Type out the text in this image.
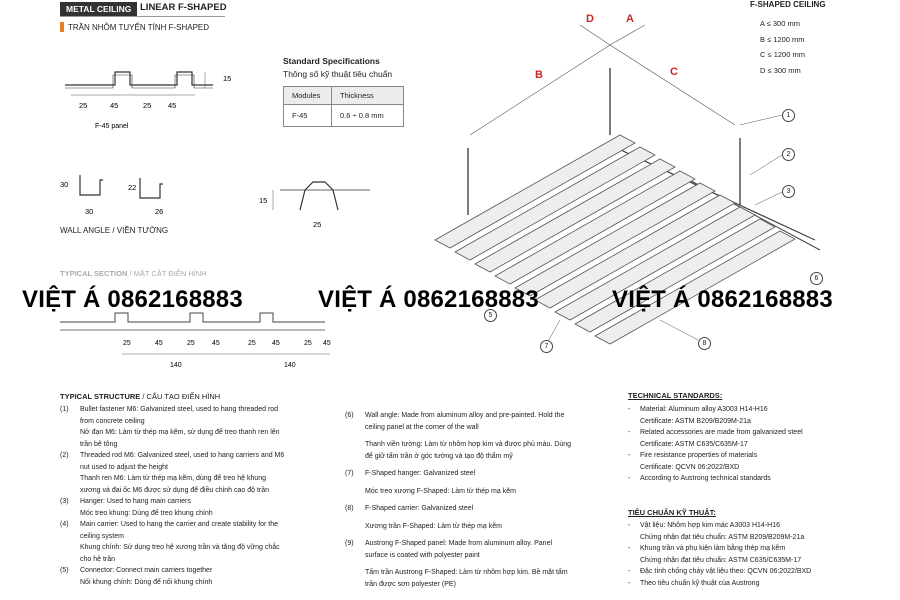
METAL CEILING LINEAR F-SHAPED
TRẦN NHÔM TUYẾN TÍNH F-SHAPED
15
25	45	25 45
F-45 panel
30
30
22
26
WALL ANGLE / VIỀN TƯỜNG
15
25
Standard Specifications
Thông số kỹ thuật tiêu chuẩn
Modules	Thickness
F-45	0.6 ÷ 0.8 mm
TYPICAL SECTION / MẶT CẮT ĐIỂN HÌNH
25	45	25 45	25 45	25 45
140	140
F-SHAPED CEILING
A ≤ 300 mm
B ≤ 1200 mm
C ≤ 1200 mm
D ≤ 300 mm
D	A
B	C
1
2
3
6
5
7	8
VIỆT Á 0862168883	VIỆT Á 0862168883	VIỆT Á 0862168883
TYPICAL STRUCTURE / CẤU TẠO ĐIỂN HÌNH
(1)	Bullet fastener M6: Galvanized steel, used to hang threaded rod
from concrete ceiling
Nở đạn M6: Làm từ thép mạ kẽm, sử dụng để treo thanh ren lên
trần bê tông
(2)	Threaded rod M6: Galvanized steel, used to hang carriers and M6
nut used to adjust the height
Thanh ren M6: Làm từ thép mạ kẽm, dùng để treo hệ khung
xương và đai ốc M6 được sử dụng để điều chỉnh cao độ trần
(3)	Hanger: Used to hang main carriers
Móc treo khung: Dùng để treo khung chính
(4)	Main carrier: Used to hang the carrier and create stability for the
ceiling system
Khung chính: Sử dụng treo hệ xương trần và tăng độ vững chắc
cho hệ trần
(5)	Connector: Connect main carriers together
Nối khung chính: Dùng để nối khung chính
(6)	Wall angle: Made from aluminum alloy and pre-painted. Hold the
ceiling panel at the corner of the wall
Thanh viền tường: Làm từ nhôm hợp kim và được phủ màu. Dùng
để giữ tấm trần ở góc tường và tạo độ thẩm mỹ
(7)	F-Shaped hanger: Galvanized steel
Móc treo xương F-Shaped: Làm từ thép mạ kẽm
(8)	F-Shaped carrier: Galvanized steel
Xương trần F-Shaped: Làm từ thép mạ kẽm
(9)	Austrong F-Shaped panel: Made from aluminum alloy. Panel
surface is coated with polyester paint
Tấm trần Austrong F-Shaped: Làm từ nhôm hợp kim. Bề mặt tấm
trần được sơn polyester (PE)
TECHNICAL STANDARDS:
-	Material: Aluminum alloy A3003 H14-H16
Certificate: ASTM B209/B209M-21a
-	Related accessories are made from galvanized steel
Certificate: ASTM C635/C635M-17
-	Fire resistance properties of materials
Certificate: QCVN 06:2022/BXD
-	According to Austrong technical standards
TIÊU CHUẨN KỸ THUẬT:
-	Vật liệu: Nhôm hợp kim mác A3003 H14-H16
Chứng nhận đạt tiêu chuẩn: ASTM B209/B209M-21a
-	Khung trần và phụ kiện làm bằng thép mạ kẽm
Chứng nhận đạt tiêu chuẩn: ASTM C635/C635M-17
-	Đặc tính chống cháy vật liệu theo: QCVN 06:2022/BXD
-	Theo tiêu chuẩn kỹ thuật của Austrong
